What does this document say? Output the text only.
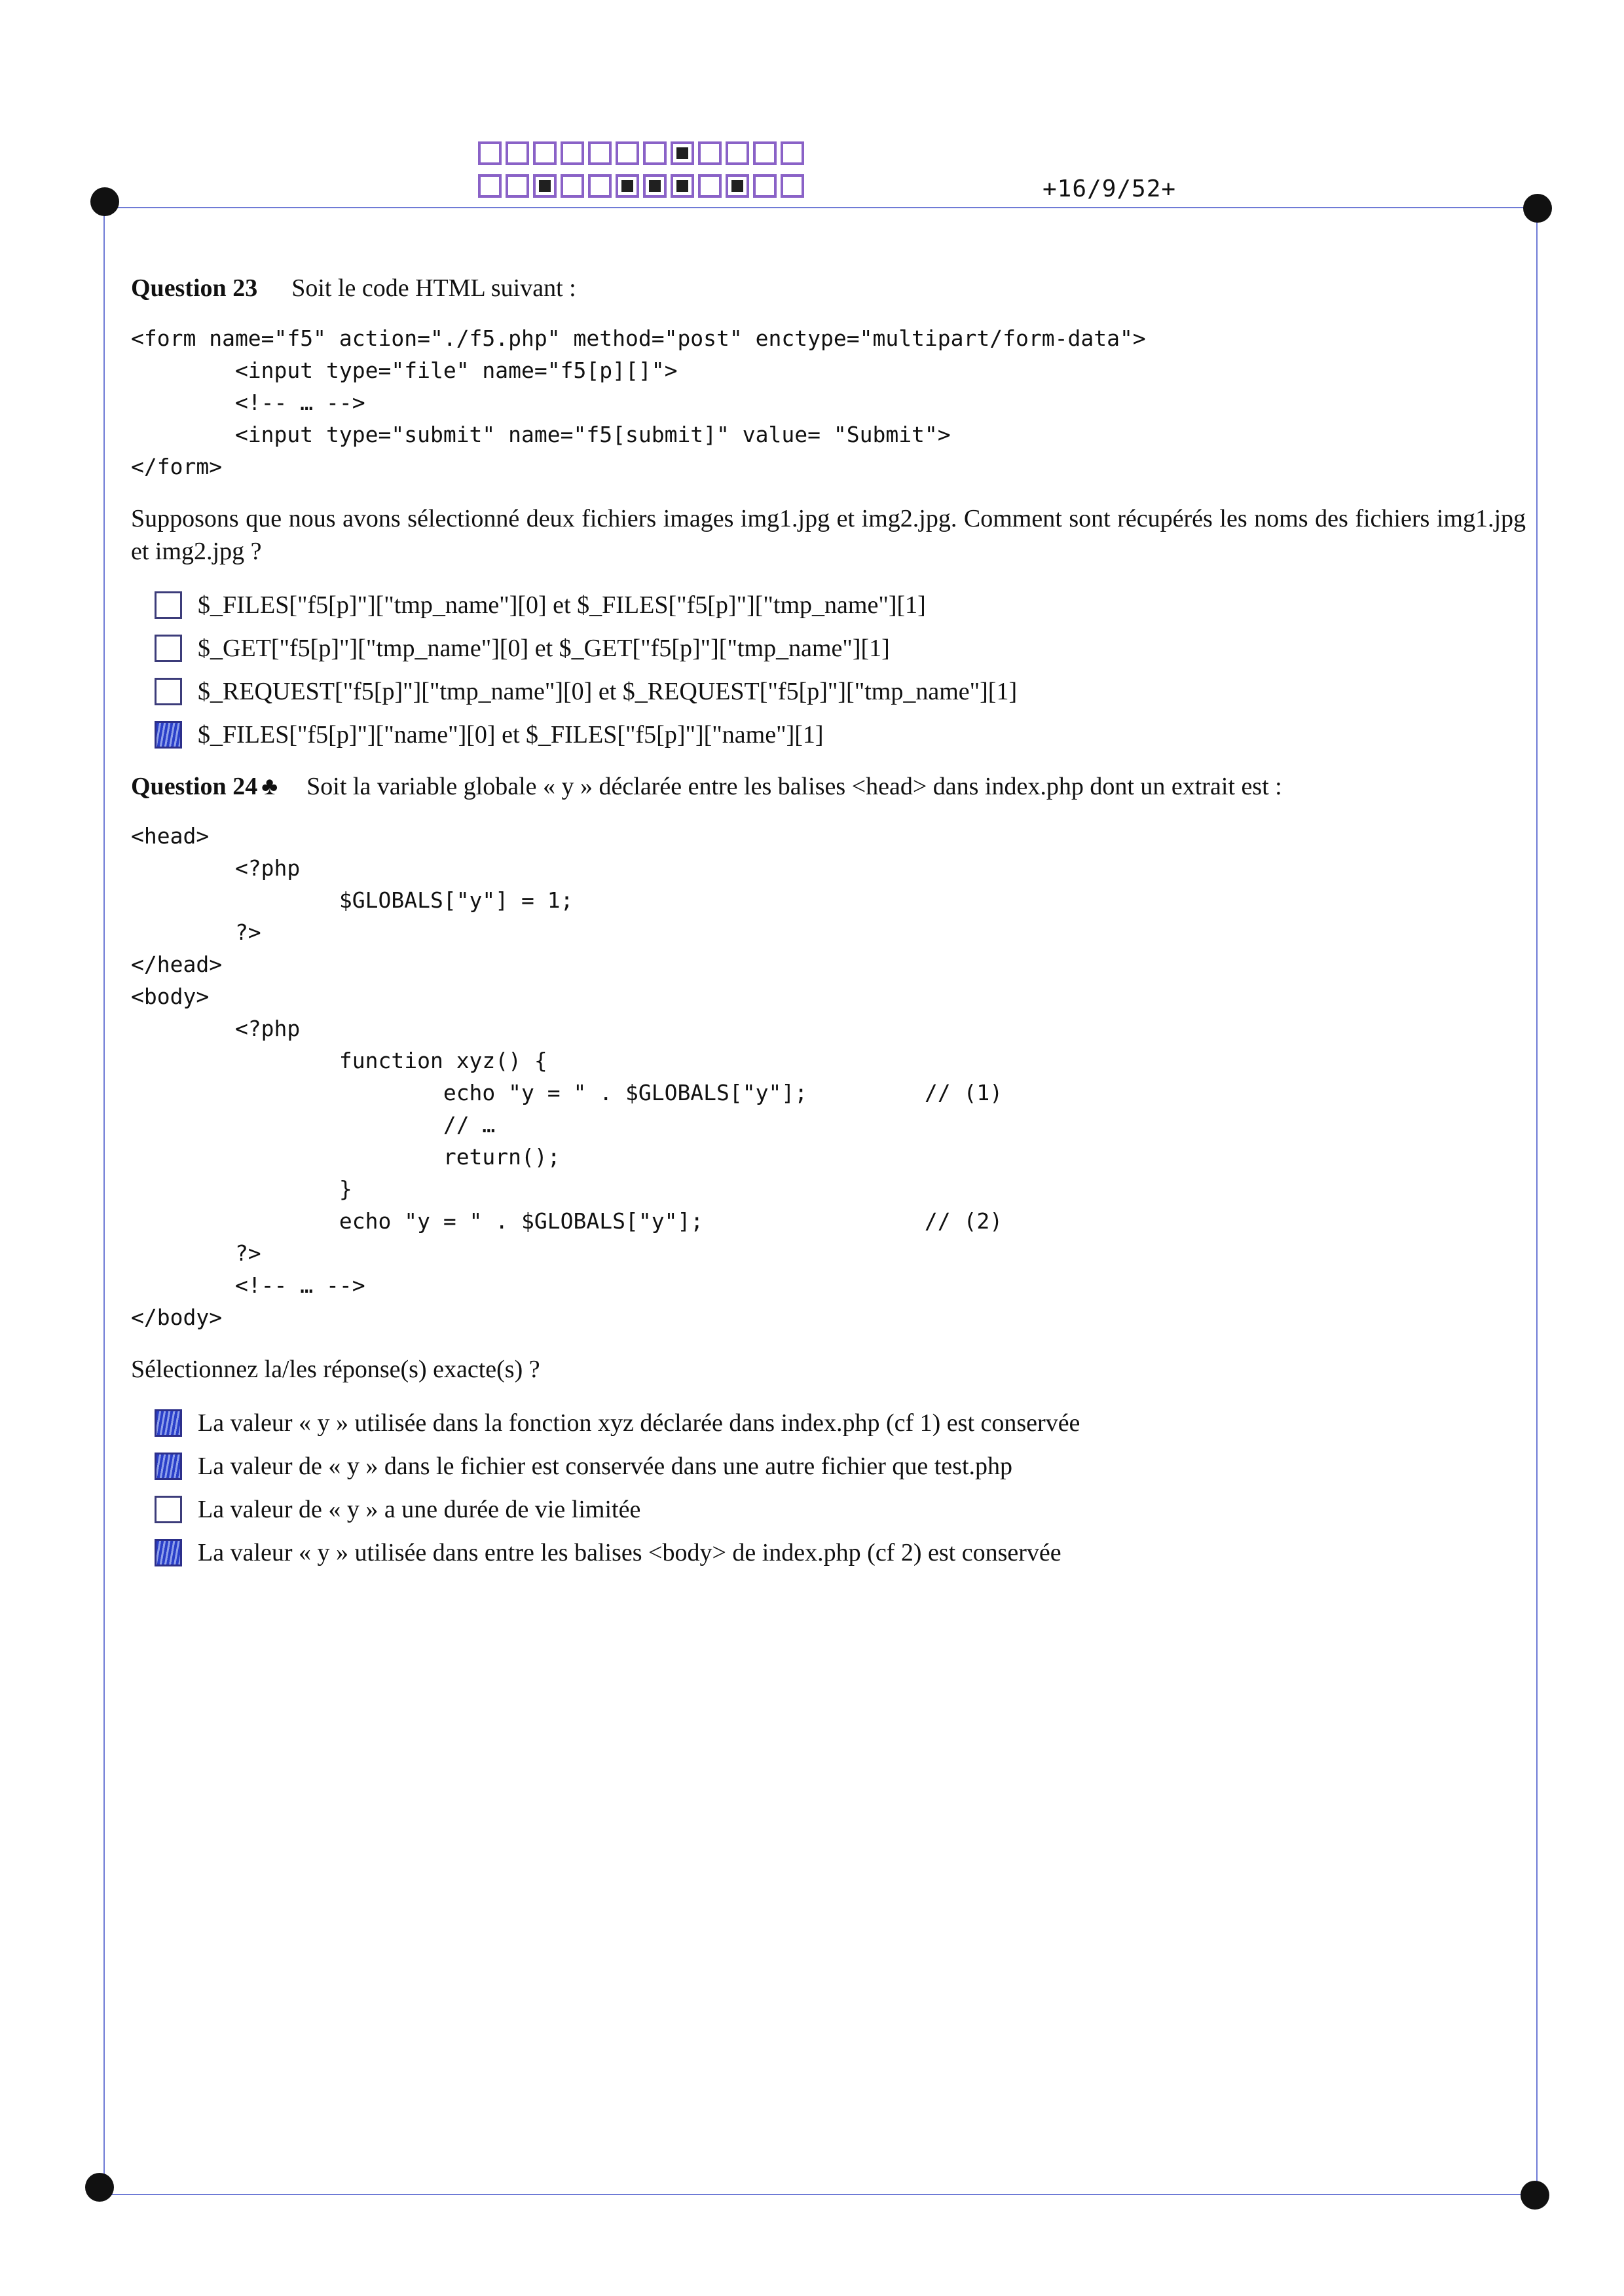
+16/9/52+
Question 23 Soit le code HTML suivant :
<form name="f5" action="./f5.php" method="post" enctype="multipart/form-data">
<input type="file" name="f5[p][]">
<!-- … -->
<input type="submit" name="f5[submit]" value= "Submit">
</form>
Supposons que nous avons sélectionné deux fichiers images img1.jpg et img2.jpg. Comment sont récupérés les noms des fichiers img1.jpg et img2.jpg ?
$_FILES["f5[p]"]["tmp_name"][0] et $_FILES["f5[p]"]["tmp_name"][1]
$_GET["f5[p]"]["tmp_name"][0] et $_GET["f5[p]"]["tmp_name"][1]
$_REQUEST["f5[p]"]["tmp_name"][0] et $_REQUEST["f5[p]"]["tmp_name"][1]
$_FILES["f5[p]"]["name"][0] et $_FILES["f5[p]"]["name"][1]
Question 24 ♣ Soit la variable globale « y » déclarée entre les balises <head> dans index.php dont un extrait est :
<head>
<?php
$GLOBALS["y"] = 1;
?>
</head>
<body>
<?php
function xyz() {
echo "y = " . $GLOBALS["y"];         // (1)
// …
return();
}
echo "y = " . $GLOBALS["y"];                 // (2)
?>
<!-- … -->
</body>
Sélectionnez la/les réponse(s) exacte(s) ?
La valeur « y » utilisée dans la fonction xyz déclarée dans index.php (cf 1) est conservée
La valeur de « y » dans le fichier est conservée dans une autre fichier que test.php
La valeur de « y » a une durée de vie limitée
La valeur « y » utilisée dans entre les balises <body> de index.php (cf 2) est conservée
